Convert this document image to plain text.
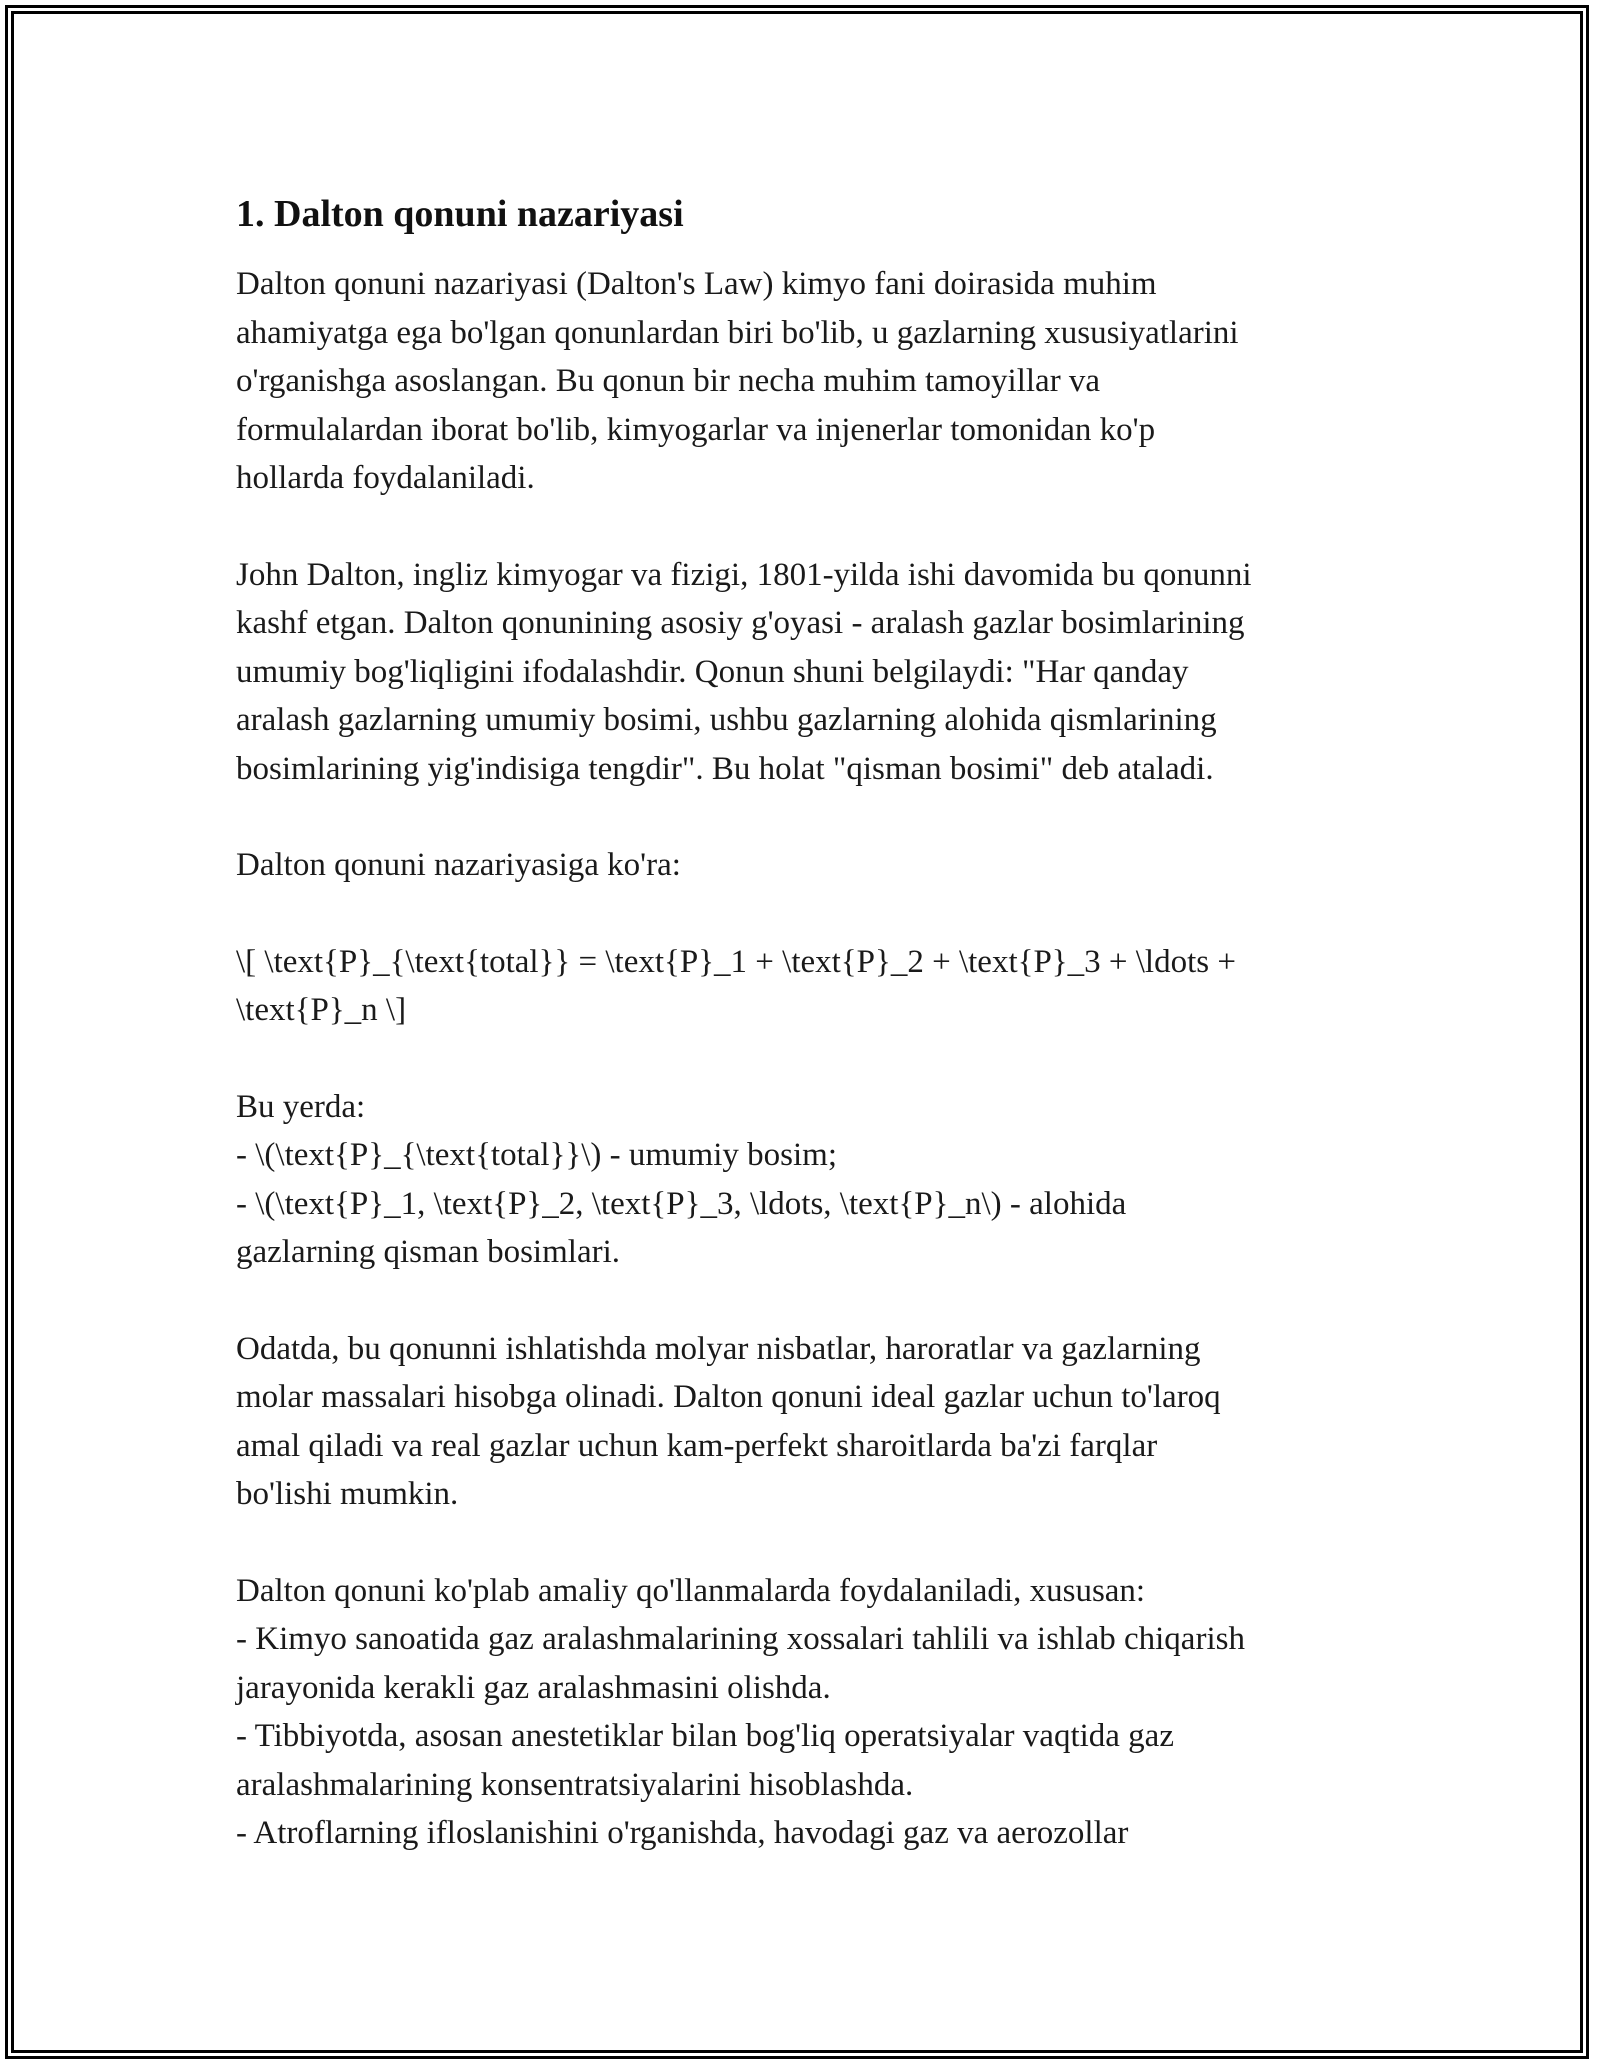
1. Dalton qonuni nazariyasi

Dalton qonuni nazariyasi (Dalton's Law) kimyo fani doirasida muhim
ahamiyatga ega bo'lgan qonunlardan biri bo'lib, u gazlarning xususiyatlarini
o'rganishga asoslangan. Bu qonun bir necha muhim tamoyillar va
formulalardan iborat bo'lib, kimyogarlar va injenerlar tomonidan ko'p
hollarda foydalaniladi.

John Dalton, ingliz kimyogar va fizigi, 1801-yilda ishi davomida bu qonunni
kashf etgan. Dalton qonunining asosiy g'oyasi - aralash gazlar bosimlarining
umumiy bog'liqligini ifodalashdir. Qonun shuni belgilaydi: "Har qanday
aralash gazlarning umumiy bosimi, ushbu gazlarning alohida qismlarining
bosimlarining yig'indisiga tengdir". Bu holat "qisman bosimi" deb ataladi.

Dalton qonuni nazariyasiga ko'ra:

\[ \text{P}_{\text{total}} = \text{P}_1 + \text{P}_2 + \text{P}_3 + \ldots +
\text{P}_n \]

Bu yerda:
- \(\text{P}_{\text{total}}\) - umumiy bosim;
- \(\text{P}_1, \text{P}_2, \text{P}_3, \ldots, \text{P}_n\) - alohida
gazlarning qisman bosimlari.

Odatda, bu qonunni ishlatishda molyar nisbatlar, haroratlar va gazlarning
molar massalari hisobga olinadi. Dalton qonuni ideal gazlar uchun to'laroq
amal qiladi va real gazlar uchun kam-perfekt sharoitlarda ba'zi farqlar
bo'lishi mumkin.

Dalton qonuni ko'plab amaliy qo'llanmalarda foydalaniladi, xususan:
- Kimyo sanoatida gaz aralashmalarining xossalari tahlili va ishlab chiqarish
jarayonida kerakli gaz aralashmasini olishda.
- Tibbiyotda, asosan anestetiklar bilan bog'liq operatsiyalar vaqtida gaz
aralashmalarining konsentratsiyalarini hisoblashda.
- Atroflarning ifloslanishini o'rganishda, havodagi gaz va aerozollar
